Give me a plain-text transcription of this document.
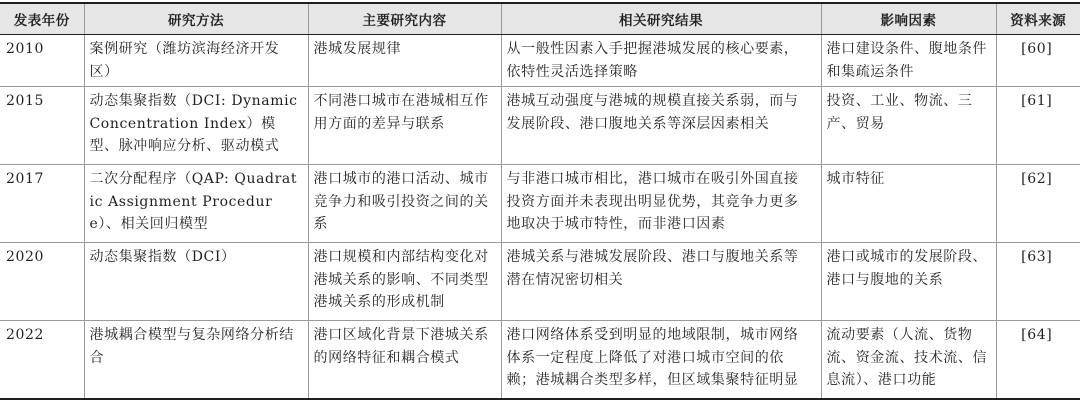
发表年份	研究方法	主要研究内容	相关研究结果	影响因素	资料来源
2010	案例研究（潍坊滨海经济开发区）	港城发展规律	从一般性因素入手把握港城发展的核心要素，依特性灵活选择策略	港口建设条件、腹地条件和集疏运条件	[60]
2015	动态集聚指数（DCI: Dynamic Concentration Index）模型、脉冲响应分析、驱动模式	不同港口城市在港城相互作用方面的差异与联系	港城互动强度与港城的规模直接关系弱，而与发展阶段、港口腹地关系等深层因素相关	投资、工业、物流、三产、贸易	[61]
2017	二次分配程序（QAP: Quadratic Assignment Procedure）、相关回归模型	港口城市的港口活动、城市竞争力和吸引投资之间的关系	与非港口城市相比，港口城市在吸引外国直接投资方面并未表现出明显优势，其竞争力更多地取决于城市特性，而非港口因素	城市特征	[62]
2020	动态集聚指数（DCI）	港口规模和内部结构变化对港城关系的影响、不同类型港城关系的形成机制	港城关系与港城发展阶段、港口与腹地关系等潜在情况密切相关	港口或城市的发展阶段、港口与腹地的关系	[63]
2022	港城耦合模型与复杂网络分析结合	港口区域化背景下港城关系的网络特征和耦合模式	港口网络体系受到明显的地域限制，城市网络体系一定程度上降低了对港口城市空间的依赖；港城耦合类型多样，但区域集聚特征明显	流动要素（人流、货物流、资金流、技术流、信息流）、港口功能	[64]
